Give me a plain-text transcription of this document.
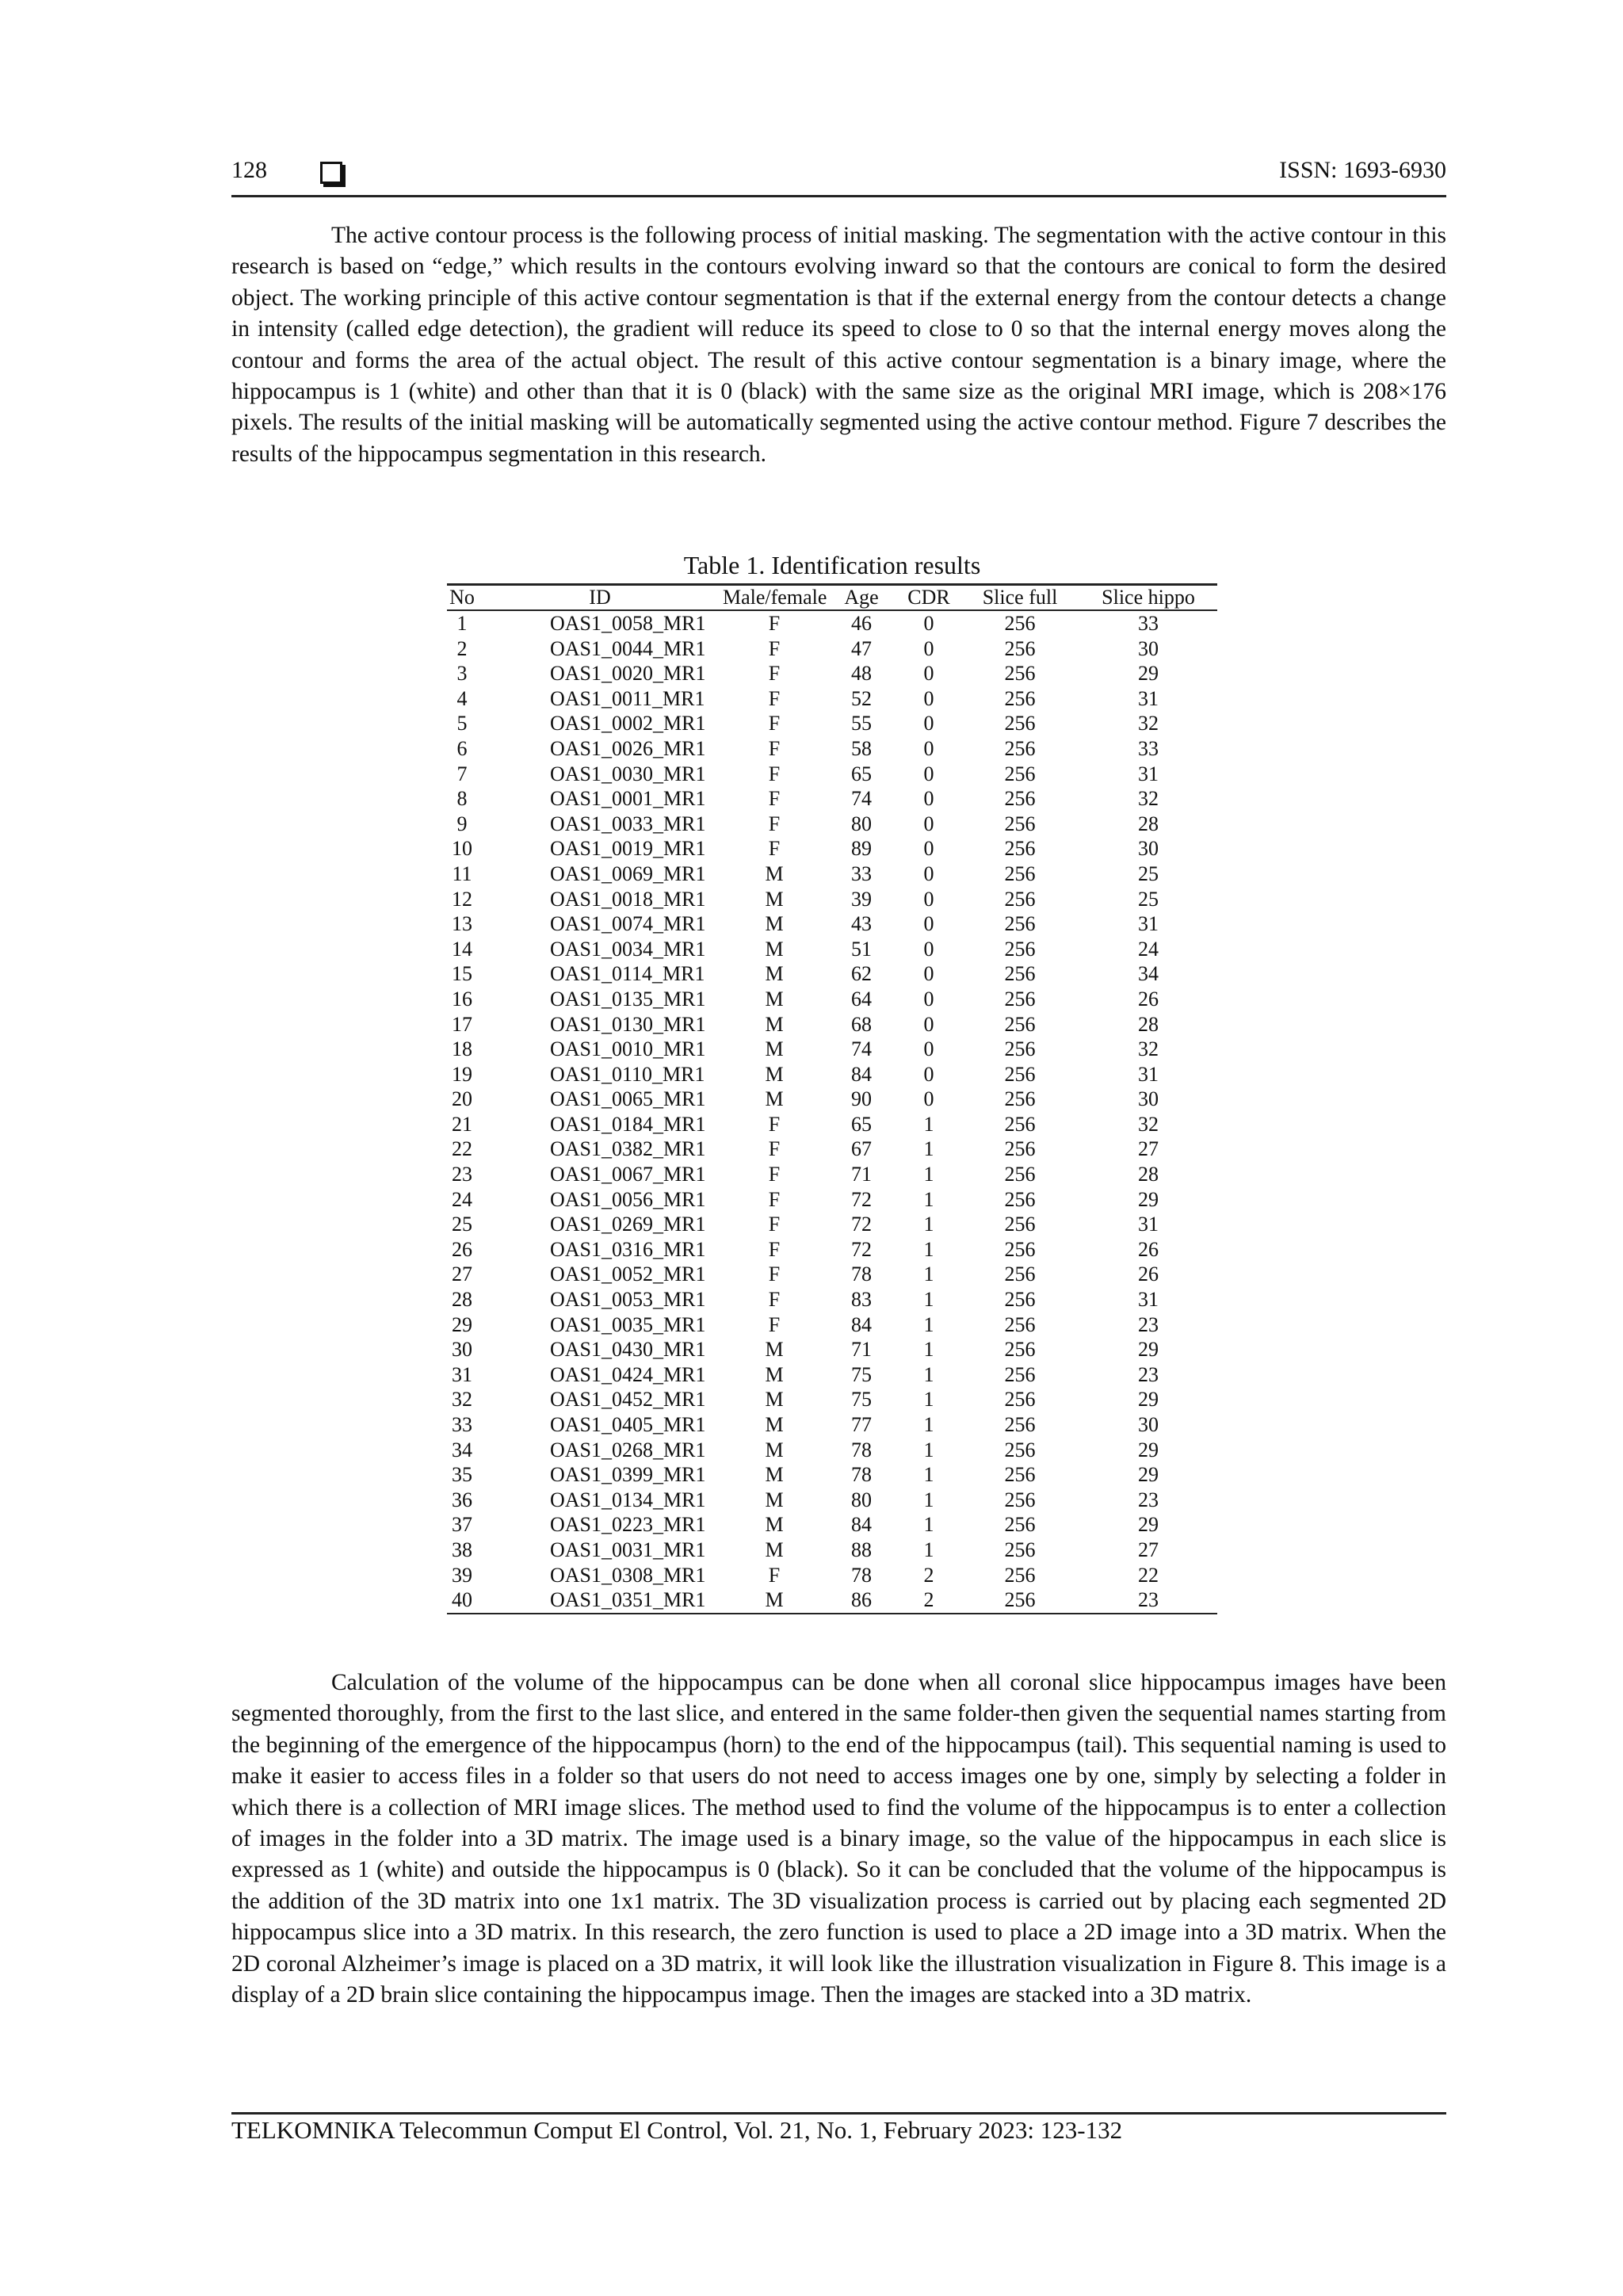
128	ISSN: 1693-6930

The active contour process is the following process of initial masking. The segmentation with the active contour in this research is based on “edge,” which results in the contours evolving inward so that the contours are conical to form the desired object. The working principle of this active contour segmentation is that if the external energy from the contour detects a change in intensity (called edge detection), the gradient will reduce its speed to close to 0 so that the internal energy moves along the contour and forms the area of the actual object. The result of this active contour segmentation is a binary image, where the hippocampus is 1 (white) and other than that it is 0 (black) with the same size as the original MRI image, which is 208×176 pixels. The results of the initial masking will be automatically segmented using the active contour method. Figure 7 describes the results of the hippocampus segmentation in this research.

Table 1. Identification results
No	ID	Male/female	Age	CDR	Slice full	Slice hippo
1	OAS1_0058_MR1	F	46	0	256	33
2	OAS1_0044_MR1	F	47	0	256	30
3	OAS1_0020_MR1	F	48	0	256	29
4	OAS1_0011_MR1	F	52	0	256	31
5	OAS1_0002_MR1	F	55	0	256	32
6	OAS1_0026_MR1	F	58	0	256	33
7	OAS1_0030_MR1	F	65	0	256	31
8	OAS1_0001_MR1	F	74	0	256	32
9	OAS1_0033_MR1	F	80	0	256	28
10	OAS1_0019_MR1	F	89	0	256	30
11	OAS1_0069_MR1	M	33	0	256	25
12	OAS1_0018_MR1	M	39	0	256	25
13	OAS1_0074_MR1	M	43	0	256	31
14	OAS1_0034_MR1	M	51	0	256	24
15	OAS1_0114_MR1	M	62	0	256	34
16	OAS1_0135_MR1	M	64	0	256	26
17	OAS1_0130_MR1	M	68	0	256	28
18	OAS1_0010_MR1	M	74	0	256	32
19	OAS1_0110_MR1	M	84	0	256	31
20	OAS1_0065_MR1	M	90	0	256	30
21	OAS1_0184_MR1	F	65	1	256	32
22	OAS1_0382_MR1	F	67	1	256	27
23	OAS1_0067_MR1	F	71	1	256	28
24	OAS1_0056_MR1	F	72	1	256	29
25	OAS1_0269_MR1	F	72	1	256	31
26	OAS1_0316_MR1	F	72	1	256	26
27	OAS1_0052_MR1	F	78	1	256	26
28	OAS1_0053_MR1	F	83	1	256	31
29	OAS1_0035_MR1	F	84	1	256	23
30	OAS1_0430_MR1	M	71	1	256	29
31	OAS1_0424_MR1	M	75	1	256	23
32	OAS1_0452_MR1	M	75	1	256	29
33	OAS1_0405_MR1	M	77	1	256	30
34	OAS1_0268_MR1	M	78	1	256	29
35	OAS1_0399_MR1	M	78	1	256	29
36	OAS1_0134_MR1	M	80	1	256	23
37	OAS1_0223_MR1	M	84	1	256	29
38	OAS1_0031_MR1	M	88	1	256	27
39	OAS1_0308_MR1	F	78	2	256	22
40	OAS1_0351_MR1	M	86	2	256	23

Calculation of the volume of the hippocampus can be done when all coronal slice hippocampus images have been segmented thoroughly, from the first to the last slice, and entered in the same folder-then given the sequential names starting from the beginning of the emergence of the hippocampus (horn) to the end of the hippocampus (tail). This sequential naming is used to make it easier to access files in a folder so that users do not need to access images one by one, simply by selecting a folder in which there is a collection of MRI image slices. The method used to find the volume of the hippocampus is to enter a collection of images in the folder into a 3D matrix. The image used is a binary image, so the value of the hippocampus in each slice is expressed as 1 (white) and outside the hippocampus is 0 (black). So it can be concluded that the volume of the hippocampus is the addition of the 3D matrix into one 1x1 matrix. The 3D visualization process is carried out by placing each segmented 2D hippocampus slice into a 3D matrix. In this research, the zero function is used to place a 2D image into a 3D matrix. When the 2D coronal Alzheimer’s image is placed on a 3D matrix, it will look like the illustration visualization in Figure 8. This image is a display of a 2D brain slice containing the hippocampus image. Then the images are stacked into a 3D matrix.

TELKOMNIKA Telecommun Comput El Control, Vol. 21, No. 1, February 2023: 123-132
